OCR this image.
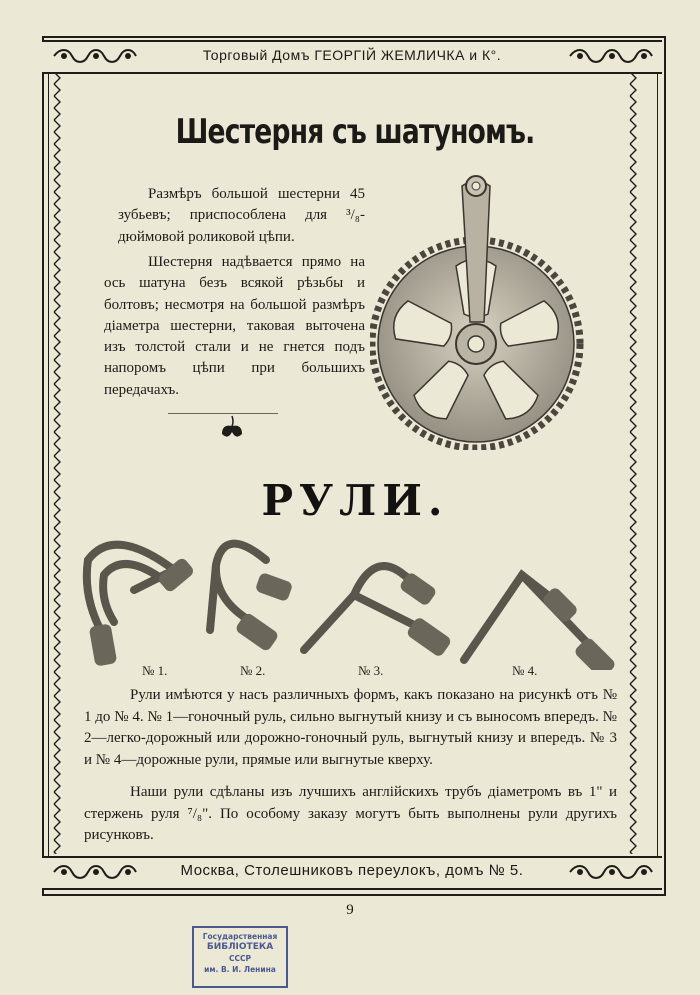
Торговый Домъ ГЕОРГІЙ ЖЕМЛИЧКА и К°.
Шестерня съ шатуномъ.
Размѣръ большой шестерни 45 зубьевъ; приспособлена для ³/₈-дюймовой роликовой цѣпи.
Шестерня надѣвается прямо на ось шатуна безъ всякой рѣзьбы и болтовъ; несмотря на большой размѣръ діаметра шестерни, таковая выточена изъ толстой стали и не гнется подъ напоромъ цѣпи при большихъ передачахъ.
РУЛИ.
№ 1.	№ 2.	№ 3.	№ 4.
Рули имѣются у насъ различныхъ формъ, какъ показано на рисункѣ отъ № 1 до № 4. № 1—гоночный руль, сильно выгнутый книзу и съ выносомъ впередъ. № 2—легко-дорожный или дорожно-гоночный руль, выгнутый книзу и впередъ. № 3 и № 4—дорожные рули, прямые или выгнутые кверху.
Наши рули сдѣланы изъ лучшихъ англійскихъ трубъ діаметромъ въ 1" и стержень руля ⁷/₈". По особому заказу могутъ быть выполнены рули другихъ рисунковъ.
Москва, Столешниковъ переулокъ, домъ № 5.
9
Государственная
БИБЛІОТЕКА
СССР
им. В. И. Ленина
